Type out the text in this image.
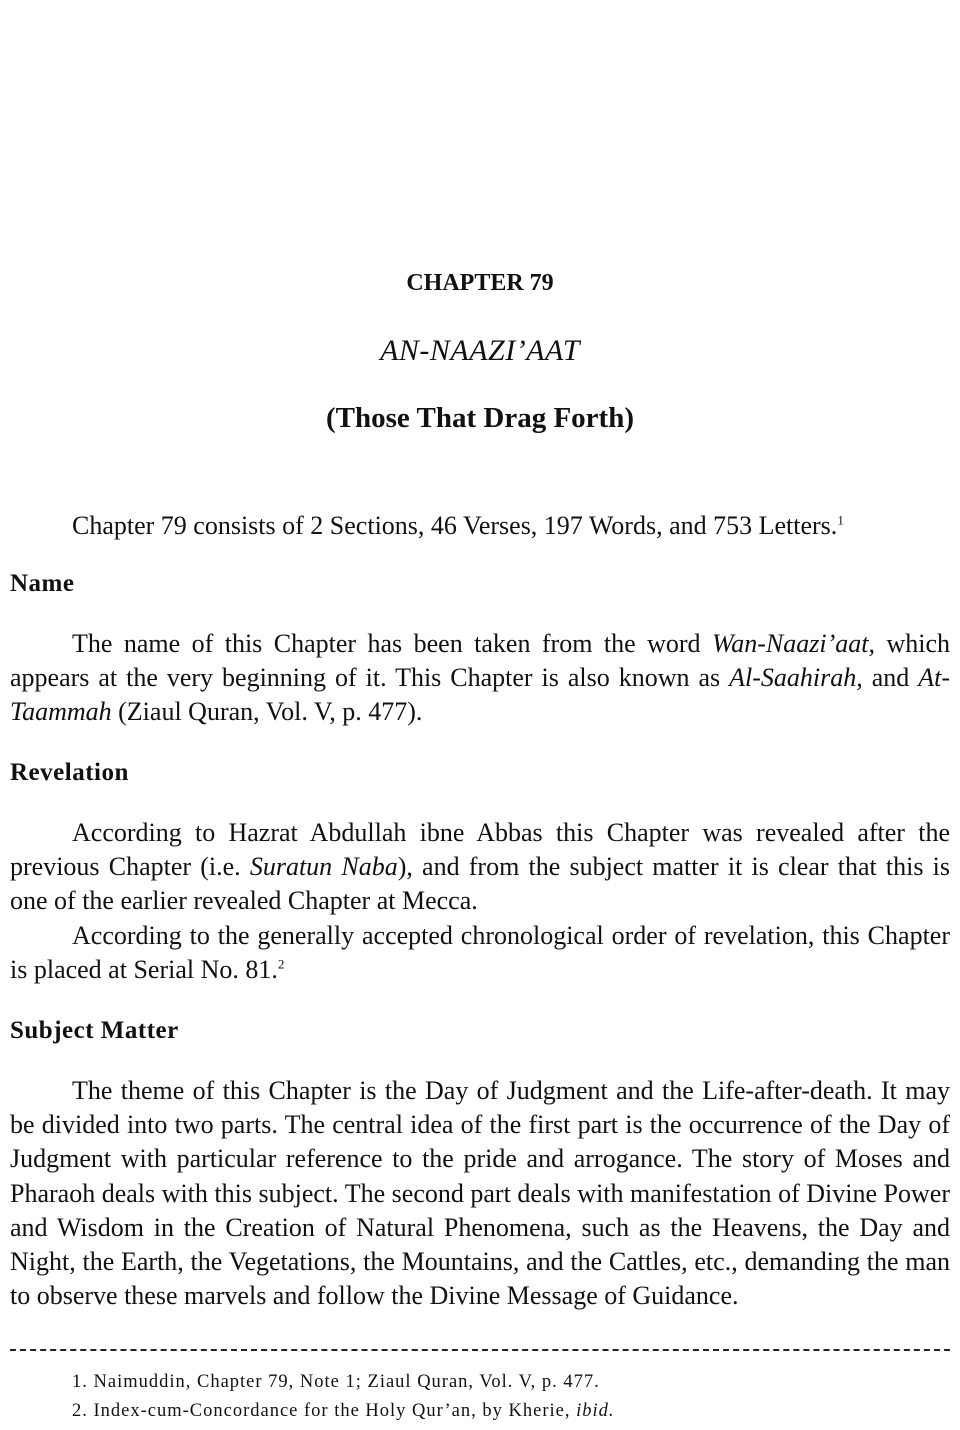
CHAPTER 79
AN-NAAZI’AAT
(Those That Drag Forth)

Chapter 79 consists of 2 Sections, 46 Verses, 197 Words, and 753 Letters.$^1$

Name

The name of this Chapter has been taken from the word Wan-Naazi’aat, which appears at the very beginning of it. This Chapter is also known as Al-Saahirah, and At-Taammah (Ziaul Quran, Vol. V, p. 477).

Revelation

According to Hazrat Abdullah ibne Abbas this Chapter was revealed after the previous Chapter (i.e. Suratun Naba), and from the subject matter it is clear that this is one of the earlier revealed Chapter at Mecca.

According to the generally accepted chronological order of revelation, this Chapter is placed at Serial No. 81.$^2$

Subject Matter

The theme of this Chapter is the Day of Judgment and the Life-after-death. It may be divided into two parts. The central idea of the first part is the occurrence of the Day of Judgment with particular reference to the pride and arrogance. The story of Moses and Pharaoh deals with this subject. The second part deals with manifestation of Divine Power and Wisdom in the Creation of Natural Phenomena, such as the Heavens, the Day and Night, the Earth, the Vegetations, the Mountains, and the Cattles, etc., demanding the man to observe these marvels and follow the Divine Message of Guidance.

1. Naimuddin, Chapter 79, Note 1; Ziaul Quran, Vol. V, p. 477.
2. Index-cum-Concordance for the Holy Qur’an, by Kherie, ibid.
